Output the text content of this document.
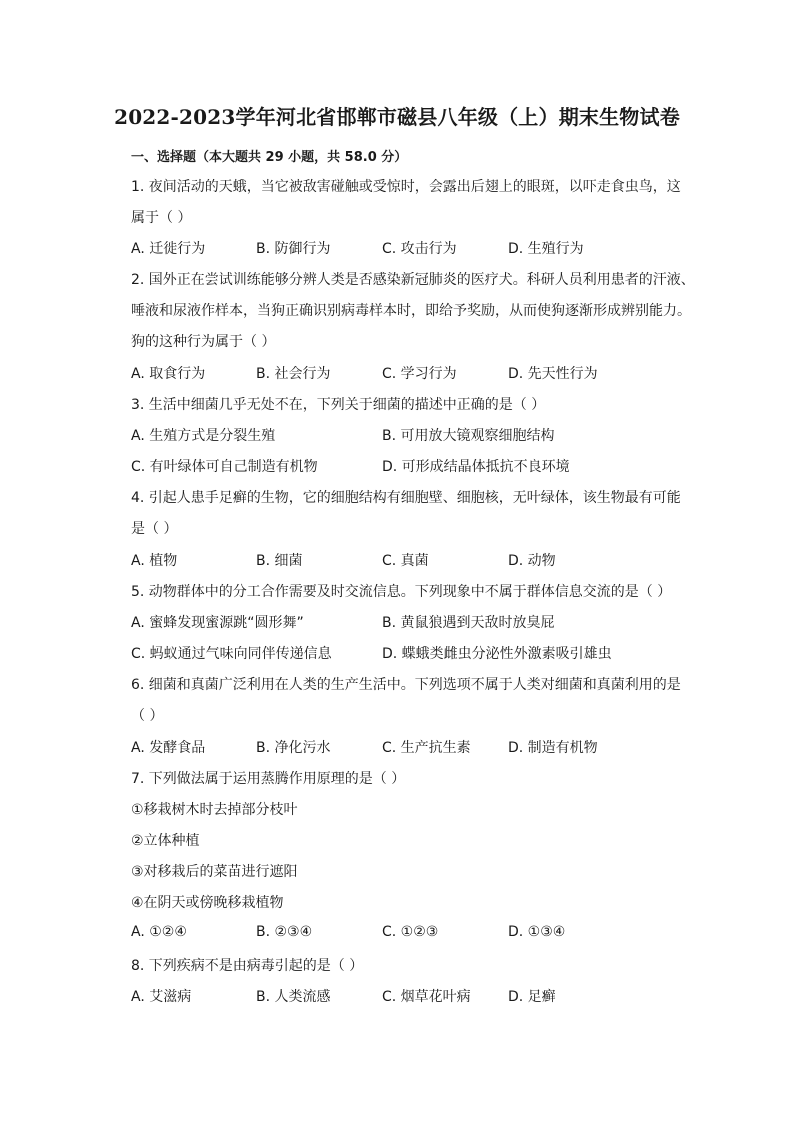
2022-2023学年河北省邯郸市磁县八年级（上）期末生物试卷
一、选择题（本大题共 29 小题，共 58.0 分）
1. 夜间活动的天蛾，当它被敌害碰触或受惊时，会露出后翅上的眼斑，以吓走食虫鸟，这
属于（ ）
A. 迁徙行为	B. 防御行为	C. 攻击行为	D. 生殖行为
2. 国外正在尝试训练能够分辨人类是否感染新冠肺炎的医疗犬。科研人员利用患者的汗液、
唾液和尿液作样本，当狗正确识别病毒样本时，即给予奖励，从而使狗逐渐形成辨别能力。
狗的这种行为属于（ ）
A. 取食行为	B. 社会行为	C. 学习行为	D. 先天性行为
3. 生活中细菌几乎无处不在，下列关于细菌的描述中正确的是（ ）
A. 生殖方式是分裂生殖	B. 可用放大镜观察细胞结构
C. 有叶绿体可自己制造有机物	D. 可形成结晶体抵抗不良环境
4. 引起人患手足癣的生物，它的细胞结构有细胞壁、细胞核，无叶绿体，该生物最有可能
是（ ）
A. 植物	B. 细菌	C. 真菌	D. 动物
5. 动物群体中的分工合作需要及时交流信息。下列现象中不属于群体信息交流的是（ ）
A. 蜜蜂发现蜜源跳“圆形舞”	B. 黄鼠狼遇到天敌时放臭屁
C. 蚂蚁通过气味向同伴传递信息	D. 蝶蛾类雌虫分泌性外激素吸引雄虫
6. 细菌和真菌广泛利用在人类的生产生活中。下列选项不属于人类对细菌和真菌利用的是
（ ）
A. 发酵食品	B. 净化污水	C. 生产抗生素	D. 制造有机物
7. 下列做法属于运用蒸腾作用原理的是（ ）
①移栽树木时去掉部分枝叶
②立体种植
③对移栽后的菜苗进行遮阳
④在阴天或傍晚移栽植物
A. ①②④	B. ②③④	C. ①②③	D. ①③④
8. 下列疾病不是由病毒引起的是（ ）
A. 艾滋病	B. 人类流感	C. 烟草花叶病	D. 足癣
